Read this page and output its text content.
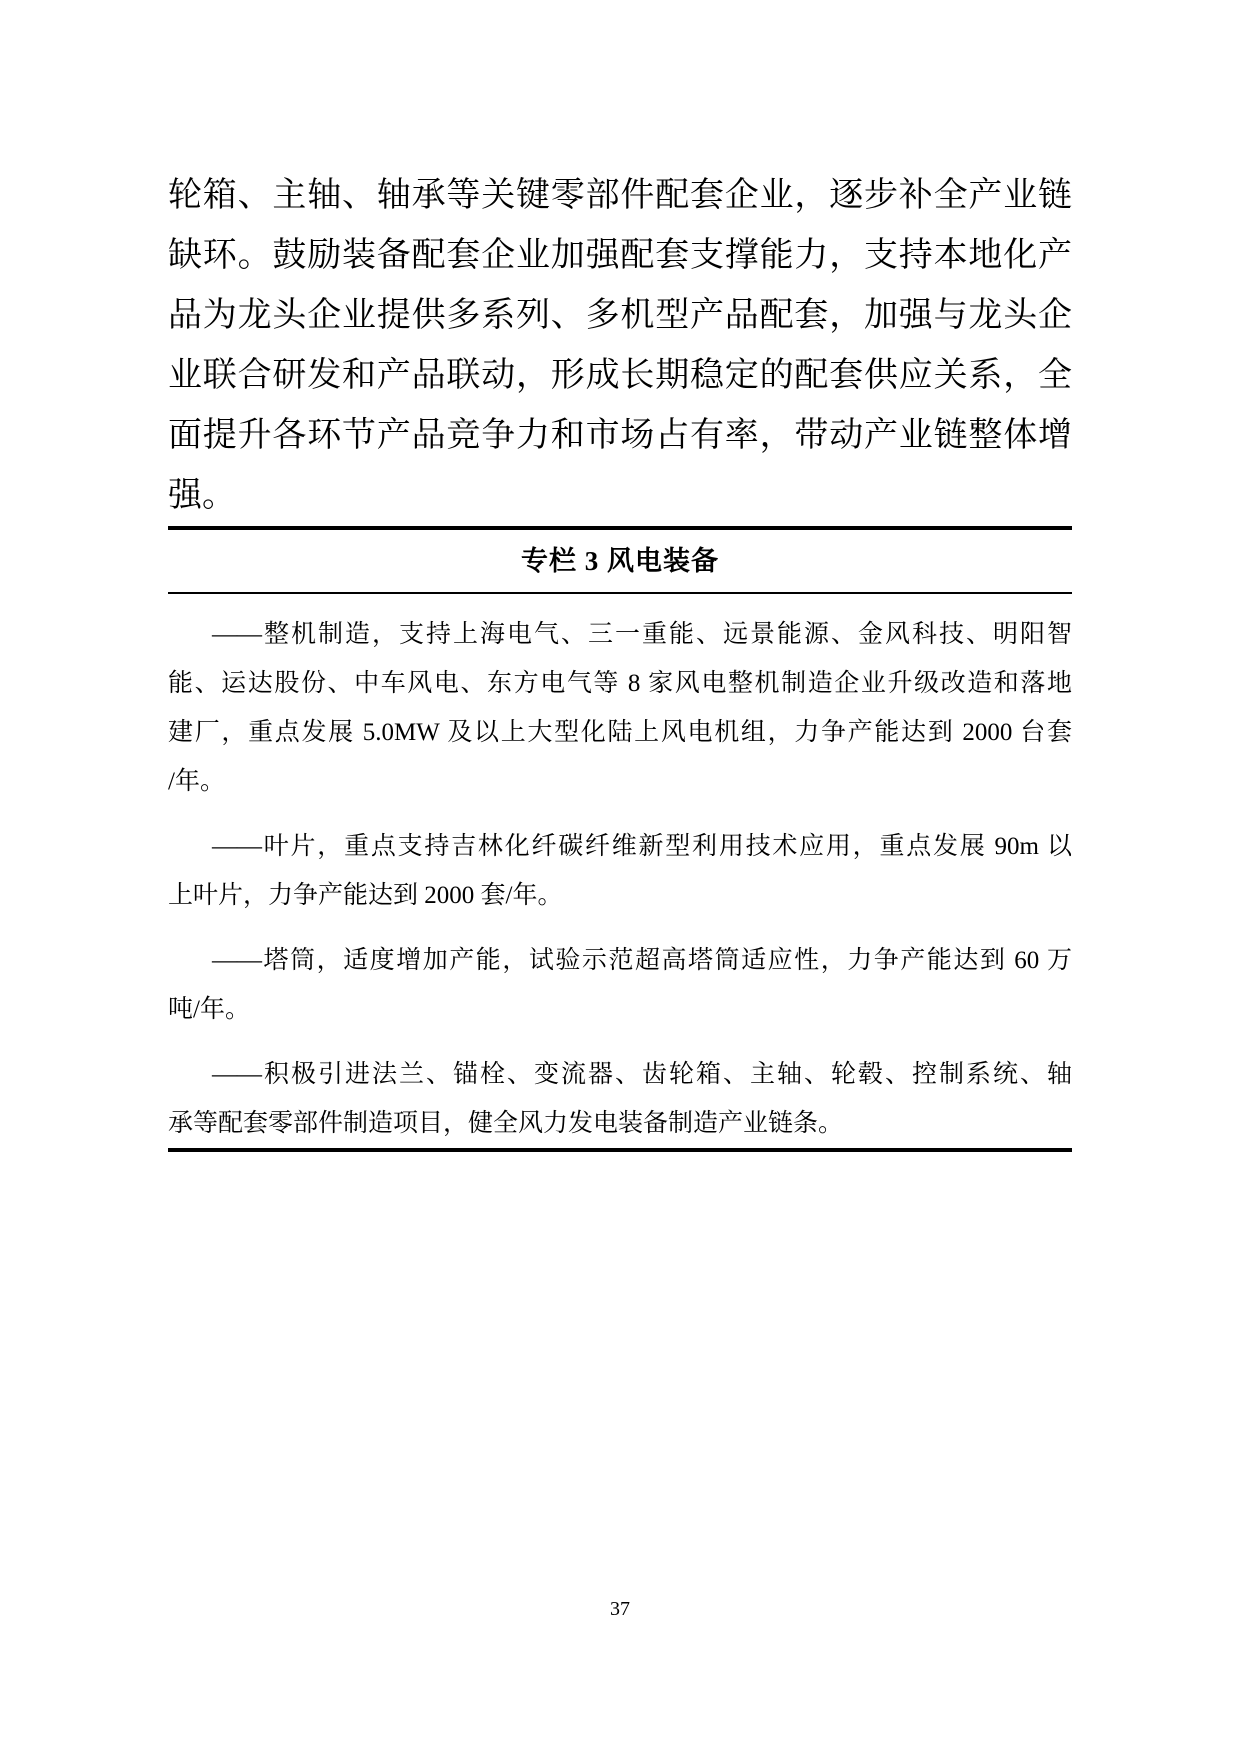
轮箱、主轴、轴承等关键零部件配套企业，逐步补全产业链
缺环。鼓励装备配套企业加强配套支撑能力，支持本地化产
品为龙头企业提供多系列、多机型产品配套，加强与龙头企
业联合研发和产品联动，形成长期稳定的配套供应关系，全
面提升各环节产品竞争力和市场占有率，带动产业链整体增
强。
专栏 3 风电装备
——整机制造，支持上海电气、三一重能、远景能源、金风科技、明阳智
能、运达股份、中车风电、东方电气等 8 家风电整机制造企业升级改造和落地
建厂，重点发展 5.0MW 及以上大型化陆上风电机组，力争产能达到 2000 台套
/年。
——叶片，重点支持吉林化纤碳纤维新型利用技术应用，重点发展 90m 以
上叶片，力争产能达到 2000 套/年。
——塔筒，适度增加产能，试验示范超高塔筒适应性，力争产能达到 60 万
吨/年。
——积极引进法兰、锚栓、变流器、齿轮箱、主轴、轮毂、控制系统、轴
承等配套零部件制造项目，健全风力发电装备制造产业链条。
37
